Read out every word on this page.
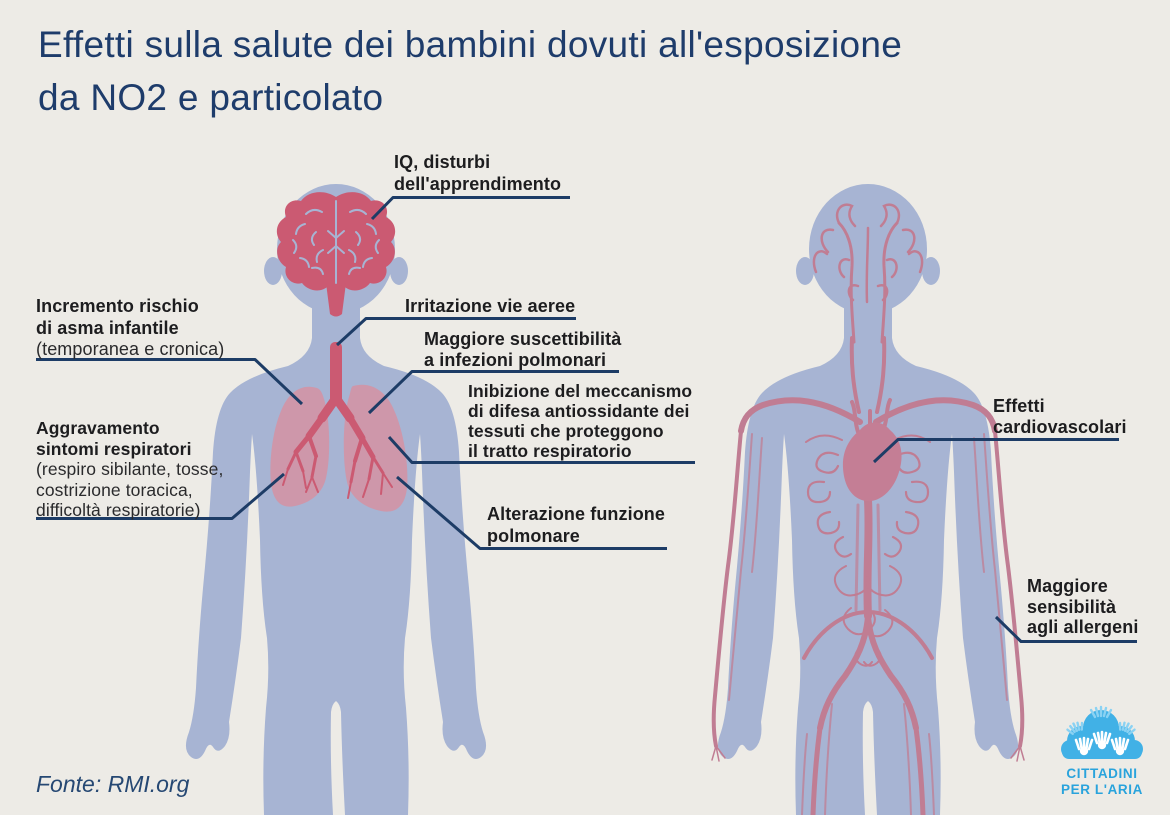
Effetti sulla salute dei bambini dovuti all'esposizione
da NO2 e particolato
IQ, disturbi
dell'apprendimento
Irritazione vie aeree
Maggiore suscettibilità
a infezioni polmonari
Inibizione del meccanismo
di difesa antiossidante dei
tessuti che proteggono
il tratto respiratorio
Alterazione funzione
polmonare
Incremento rischio
di asma infantile
(temporanea e cronica)
Aggravamento
sintomi respiratori
(respiro sibilante, tosse,
costrizione toracica,
difficoltà respiratorie)
Effetti
cardiovascolari
Maggiore
sensibilità
agli allergeni
Fonte: RMI.org	CITTADINI
PER L'ARIA
